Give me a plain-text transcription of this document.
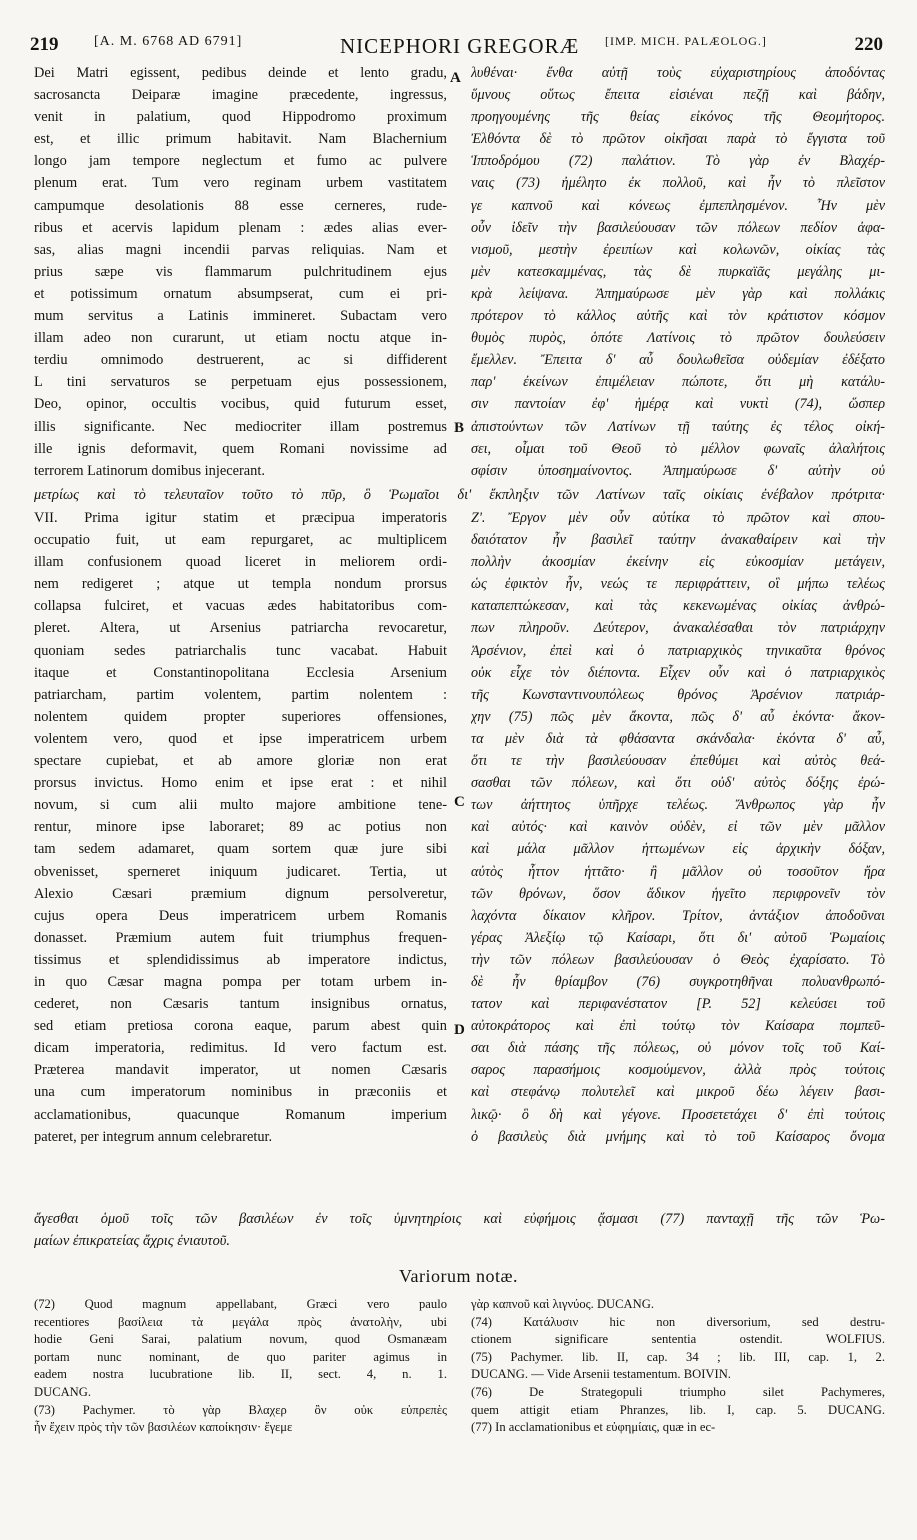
219	[A. M. 6768 AD 6791]	NICEPHORI GREGORÆ [IMP. MICH. PALÆOLOG.]	220
A
B
C
D
Dei Matri egissent, pedibus deinde et lento gradu,
sacrosancta Deiparæ imagine præcedente, ingressus,
venit in palatium, quod Hippodromo proximum
est, et illic primum habitavit. Nam Blachernium
longo jam tempore neglectum et fumo ac pulvere
plenum erat. Tum vero reginam urbem vastitatem
campumque desolationis 88 esse cerneres, rude-
ribus et acervis lapidum plenam : ædes alias ever-
sas, alias magni incendii parvas reliquias. Nam et
prius sæpe vis flammarum pulchritudinem ejus
et potissimum ornatum absumpserat, cum ei pri-
mum servitus a Latinis immineret. Subactam vero
illam adeo non curarunt, ut etiam noctu atque in-
terdiu omnimodo destruerent, ac si diffiderent
L tini servaturos se perpetuam ejus possessionem,
Deo, opinor, occultis vocibus, quid futurum esset,
illis significante. Nec mediocriter illam postremus
ille ignis deformavit, quem Romani novissime ad
terrorem Latinorum domibus injecerant.
λυθέναι· ἔνθα αὐτῇ τοὺς εὐχαριστηρίους ἀποδόντας
ὕμνους οὕτως ἔπειτα εἰσιέναι πεζῇ καὶ βάδην,
προηγουμένης τῆς θείας εἰκόνος τῆς Θεομήτορος.
Ἐλθόντα δὲ τὸ πρῶτον οἰκῆσαι παρὰ τὸ ἔγγιστα τοῦ
Ἱπποδρόμου (72) παλάτιον. Τὸ γὰρ ἐν Βλαχέρ-
ναις (73) ἠμέλητο ἐκ πολλοῦ, καὶ ἦν τὸ πλεῖστον
γε καπνοῦ καὶ κόνεως ἐμπεπλησμένον. Ἦν μὲν
οὖν ἰδεῖν τὴν βασιλεύουσαν τῶν πόλεων πεδίον ἀφα-
νισμοῦ, μεστὴν ἐρειπίων καὶ κολωνῶν, οἰκίας τὰς
μὲν κατεσκαμμένας, τὰς δὲ πυρκαϊᾶς μεγάλης μι-
κρὰ λείψανα. Ἀπημαύρωσε μὲν γὰρ καὶ πολλάκις
πρότερον τὸ κάλλος αὐτῆς καὶ τὸν κράτιστον κόσμον
θυμὸς πυρὸς, ὁπότε Λατίνοις τὸ πρῶτον δουλεύσειν
ἔμελλεν. Ἔπειτα δ' αὖ δουλωθεῖσα οὐδεμίαν ἐδέξατο
παρ' ἐκείνων ἐπιμέλειαν πώποτε, ὅτι μὴ κατάλυ-
σιν παντοίαν ἐφ' ἡμέρᾳ καὶ νυκτὶ (74), ὥσπερ
ἀπιστούντων τῶν Λατίνων τῇ ταύτης ἐς τέλος οἰκή-
σει, οἶμαι τοῦ Θεοῦ τὸ μέλλον φωναῖς ἀλαλήτοις
σφίσιν ὑποσημαίνοντος. Ἀπημαύρωσε δ' αὐτὴν οὐ
μετρίως καὶ τὸ τελευταῖον τοῦτο τὸ πῦρ, ὃ Ῥωμαῖοι δι' ἔκπληξιν τῶν Λατίνων ταῖς οἰκίαις ἐνέβαλον πρότριτα·
VII. Prima igitur statim et præcipua imperatoris
occupatio fuit, ut eam repurgaret, ac multiplicem
illam confusionem quoad liceret in meliorem ordi-
nem redigeret ; atque ut templa nondum prorsus
collapsa fulciret, et vacuas ædes habitatoribus com-
pleret. Altera, ut Arsenius patriarcha revocaretur,
quoniam sedes patriarchalis tunc vacabat. Habuit
itaque et Constantinopolitana Ecclesia Arsenium
patriarcham, partim volentem, partim nolentem :
nolentem quidem propter superiores offensiones,
volentem vero, quod et ipse imperatricem urbem
spectare cupiebat, et ab amore gloriæ non erat
prorsus invictus. Homo enim et ipse erat : et nihil
novum, si cum alii multo majore ambitione tene-
rentur, minore ipse laboraret; 89 ac potius non
tam sedem adamaret, quam sortem quæ jure sibi
obvenisset, sperneret iniquum judicaret. Tertia, ut
Alexio Cæsari præmium dignum persolveretur,
cujus opera Deus imperatricem urbem Romanis
donasset. Præmium autem fuit triumphus frequen-
tissimus et splendidissimus ab imperatore indictus,
in quo Cæsar magna pompa per totam urbem in-
cederet, non Cæsaris tantum insignibus ornatus,
sed etiam pretiosa corona eaque, parum abest quin
dicam imperatoria, redimitus. Id vero factum est.
Præterea mandavit imperator, ut nomen Cæsaris
una cum imperatorum nominibus in præconiis et
acclamationibus, quacunque Romanum imperium
pateret, per integrum annum celebraretur.
Ζ'. Ἔργον μὲν οὖν αὐτίκα τὸ πρῶτον καὶ σπου-
δαιότατον ἦν βασιλεῖ ταύτην ἀνακαθαίρειν καὶ τὴν
πολλὴν ἀκοσμίαν ἐκείνην εἰς εὐκοσμίαν μετάγειν,
ὡς ἐφικτὸν ἦν, νεώς τε περιφράττειν, οἳ μήπω τελέως
καταπεπτώκεσαν, καὶ τὰς κεκενωμένας οἰκίας ἀνθρώ-
πων πληροῦν. Δεύτερον, ἀνακαλέσαθαι τὸν πατριάρχην
Ἀρσένιον, ἐπεὶ καὶ ὁ πατριαρχικὸς τηνικαῦτα θρόνος
οὐκ εἶχε τὸν διέποντα. Εἶχεν οὖν καὶ ὁ πατριαρχικὸς
τῆς Κωνσταντινουπόλεως θρόνος Ἀρσένιον πατριάρ-
χην (75) πῶς μὲν ἄκοντα, πῶς δ' αὖ ἑκόντα· ἄκον-
τα μὲν διὰ τὰ φθάσαντα σκάνδαλα· ἑκόντα δ' αὖ,
ὅτι τε τὴν βασιλεύουσαν ἐπεθύμει καὶ αὐτὸς θεά-
σασθαι τῶν πόλεων, καὶ ὅτι οὐδ' αὐτὸς δόξης ἐρώ-
των ἀήττητος ὑπῆρχε τελέως. Ἄνθρωπος γὰρ ἦν
καὶ αὐτός· καὶ καινὸν οὐδὲν, εἰ τῶν μὲν μᾶλλον
καὶ μάλα μᾶλλον ἡττωμένων εἰς ἀρχικὴν δόξαν,
αὐτὸς ἧττον ἡττᾶτο· ἢ μᾶλλον οὐ τοσοῦτον ἤρα
τῶν θρόνων, ὅσον ἄδικον ἡγεῖτο περιφρονεῖν τὸν
λαχόντα δίκαιον κλῆρον. Τρίτον, ἀντάξιον ἀποδοῦναι
γέρας Ἀλεξίῳ τῷ Καίσαρι, ὅτι δι' αὐτοῦ Ῥωμαίοις
τὴν τῶν πόλεων βασιλεύουσαν ὁ Θεὸς ἐχαρίσατο. Τὸ
δὲ ἦν θρίαμβον (76) συγκροτηθῆναι πολυανθρωπό-
τατον καὶ περιφανέστατον [P. 52] κελεύσει τοῦ
αὐτοκράτορος καὶ ἐπὶ τούτῳ τὸν Καίσαρα πομπεῦ-
σαι διὰ πάσης τῆς πόλεως, οὐ μόνον τοῖς τοῦ Καί-
σαρος παρασήμοις κοσμούμενον, ἀλλὰ πρὸς τούτοις
καὶ στεφάνῳ πολυτελεῖ καὶ μικροῦ δέω λέγειν βασι-
λικῷ· ὃ δὴ καὶ γέγονε. Προσετετάχει δ' ἐπὶ τούτοις
ὁ βασιλεὺς διὰ μνήμης καὶ τὸ τοῦ Καίσαρος ὄνομα
ἄγεσθαι ὁμοῦ τοῖς τῶν βασιλέων ἐν τοῖς ὑμνητηρίοις καὶ εὐφήμοις ᾄσμασι (77) πανταχῇ τῆς τῶν Ῥω-
μαίων ἐπικρατείας ἄχρις ἐνιαυτοῦ.
Variorum notæ.
(72) Quod magnum appellabant, Græci vero paulo
recentiores βασίλεια τὰ μεγάλα πρὸς ἀνατολὴν, ubi
hodie Geni Sarai, palatium novum, quod Osmanæam
portam nunc nominant, de quo pariter agimus in
eadem nostra lucubratione lib. II, sect. 4, n. 1.
DUCANG.
(73) Pachymer. τὸ γὰρ Βλαχερ ὂν οὐκ εὐπρεπὲς
ἦν ἔχειν πρὸς τὴν τῶν βασιλέων καποίκησιν· ἔγεμε
γὰρ καπνοῦ καὶ λιγνύος. DUCANG.
(74) Κατάλυσιν hic non diversorium, sed destru-
ctionem significare sententia ostendit. WOLFIUS.
(75) Pachymer. lib. II, cap. 34 ; lib. III, cap. 1, 2.
DUCANG. — Vide Arsenii testamentum. BOIVIN.
(76) De Strategopuli triumpho silet Pachymeres,
quem attigit etiam Phranzes, lib. I, cap. 5. DUCANG.
(77) In acclamationibus et εὐφημίαις, quæ in ec-
